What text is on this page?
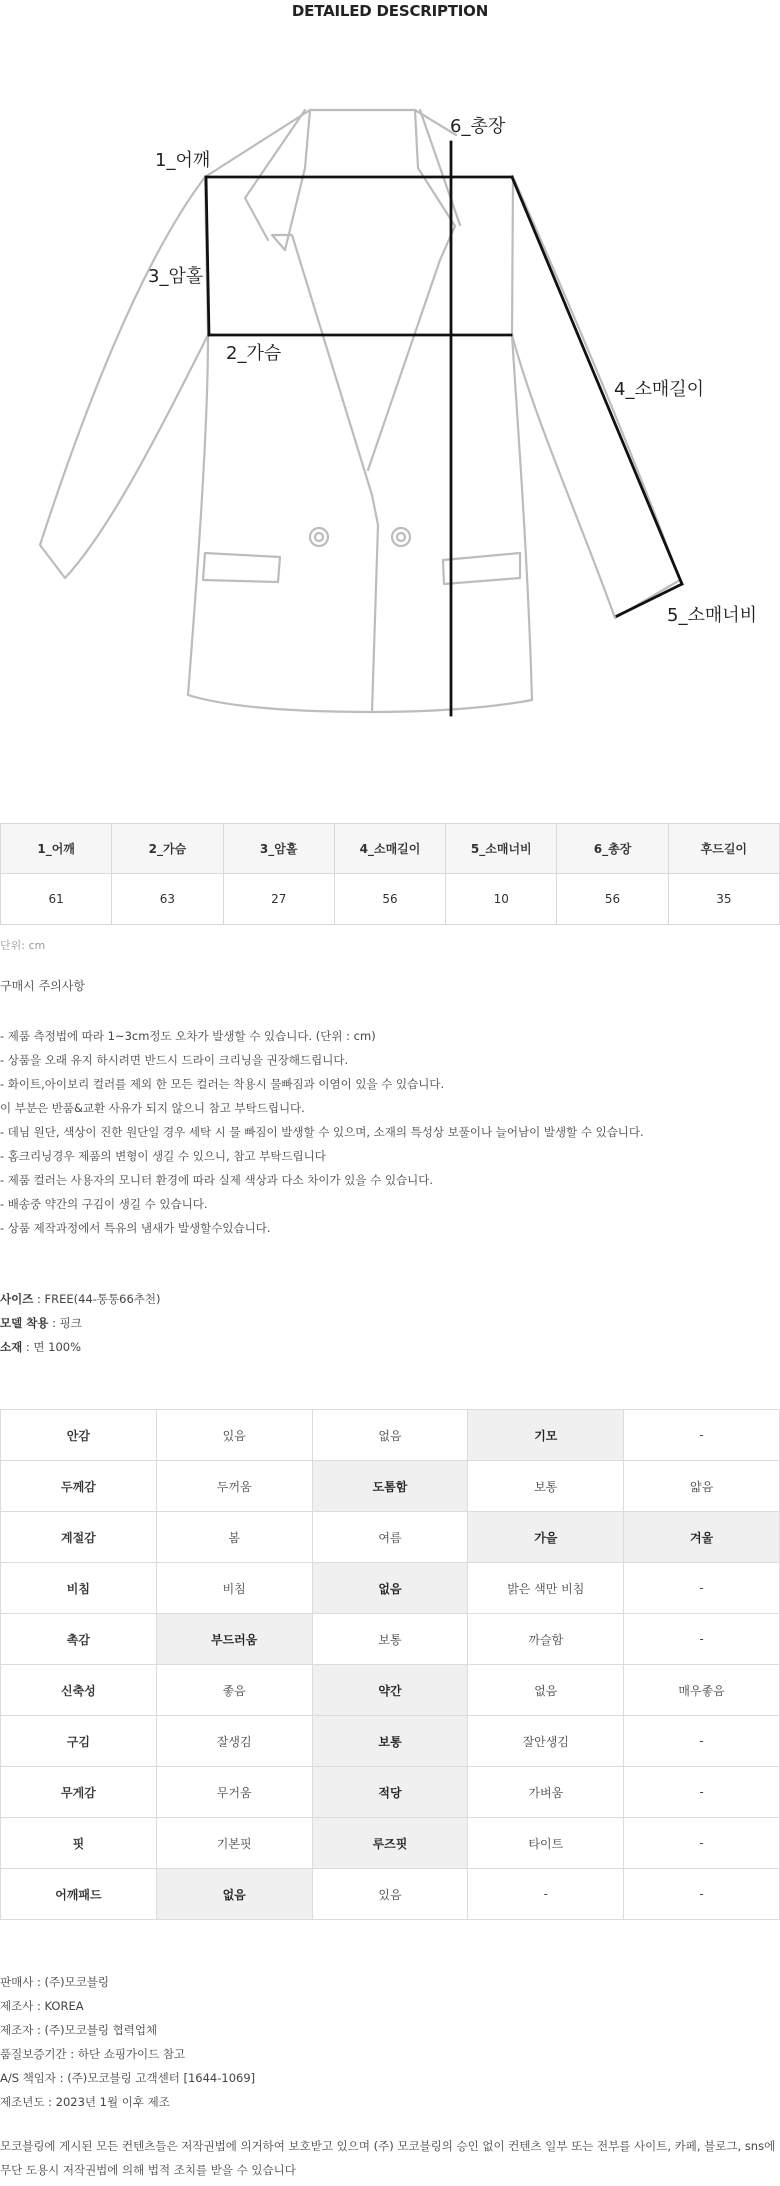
DETAILED DESCRIPTION
1_어깨
3_암홀
2_가슴
6_총장
4_소매길이
5_소매너비
1_어깨	2_가슴	3_암홀	4_소매길이	5_소매너비	6_총장	후드길이
61	63	27	56	10	56	35
단위: cm
구매시 주의사항
- 제품 측정법에 따라 1~3cm정도 오차가 발생할 수 있습니다. (단위 : cm)
- 상품을 오래 유지 하시려면 반드시 드라이 크리닝을 권장해드립니다.
- 화이트,아이보리 컬러를 제외 한 모든 컬러는 착용시 물빠짐과 이염이 있을 수 있습니다.
이 부분은 반품&교환 사유가 되지 않으니 참고 부탁드립니다.
- 데님 원단, 색상이 진한 원단일 경우 세탁 시 물 빠짐이 발생할 수 있으며, 소재의 특성상 보풀이나 늘어남이 발생할 수 있습니다.
- 홈크리닝경우 제품의 변형이 생길 수 있으니, 참고 부탁드립니다
- 제품 컬러는 사용자의 모니터 환경에 따라 실제 색상과 다소 차이가 있을 수 있습니다.
- 배송중 약간의 구김이 생길 수 있습니다.
- 상품 제작과정에서 특유의 냄새가 발생할수있습니다.
사이즈 : FREE(44-통통66추천)
모델 착용 : 핑크
소재 : 면 100%
안감	있음	없음	기모	-
두께감	두꺼움	도톰함	보통	얇음
계절감	봄	여름	가을	겨울
비침	비침	없음	밝은 색만 비침	-
촉감	부드러움	보통	까슬함	-
신축성	좋음	약간	없음	매우좋음
구김	잘생김	보통	잘안생김	-
무게감	무거움	적당	가벼움	-
핏	기본핏	루즈핏	타이트	-
어깨패드	없음	있음	-	-
판매사 : (주)모코블링
제조사 : KOREA
제조자 : (주)모코블링 협력업체
품질보증기간 : 하단 쇼핑가이드 참고
A/S 책임자 : (주)모코블링 고객센터 [1644-1069]
제조년도 : 2023년 1월 이후 제조
모코블링에 게시된 모든 컨텐츠들은 저작권법에 의거하여 보호받고 있으며 (주) 모코블링의 승인 없이 컨텐츠 일부 또는 전부를 사이트, 카페, 블로그, sns에 무단 도용시 저작권법에 의해 법적 조치를 받을 수 있습니다
